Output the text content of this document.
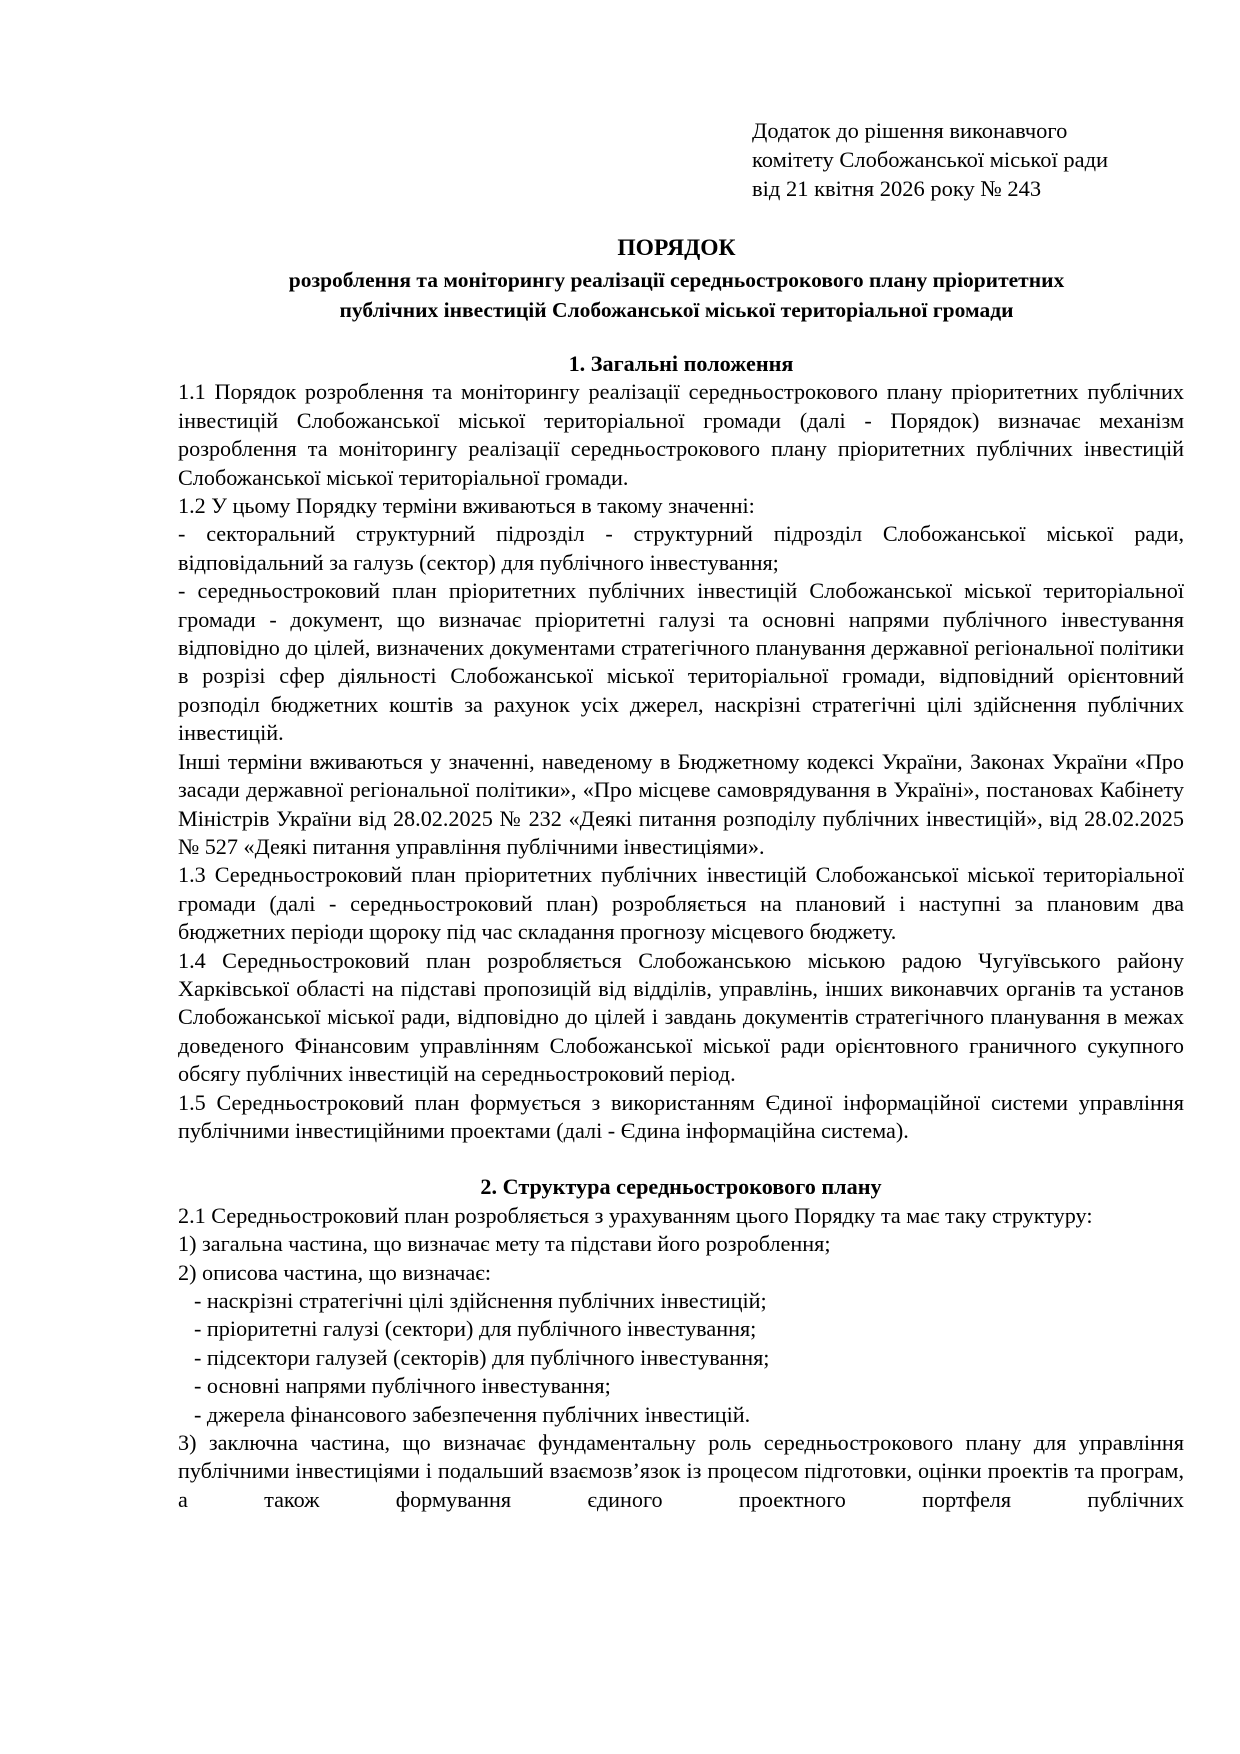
Додаток до рішення виконавчого
комітету Слобожанської міської ради
від 21 квітня 2026 року № 243
ПОРЯДОК
розроблення та моніторингу реалізації середньострокового плану пріоритетних
публічних інвестицій Слобожанської міської територіальної громади
1. Загальні положення

1.1 Порядок розроблення та моніторингу реалізації середньострокового плану пріоритетних публічних інвестицій Слобожанської міської територіальної громади (далі - Порядок) визначає механізм розроблення та моніторингу реалізації середньострокового плану пріоритетних публічних інвестицій Слобожанської міської територіальної громади.

1.2 У цьому Порядку терміни вживаються в такому значенні:

- секторальний структурний підрозділ - структурний підрозділ Слобожанської міської ради, відповідальний за галузь (сектор) для публічного інвестування;

- середньостроковий план пріоритетних публічних інвестицій Слобожанської міської територіальної громади - документ, що визначає пріоритетні галузі та основні напрями публічного інвестування відповідно до цілей, визначених документами стратегічного планування державної регіональної політики в розрізі сфер діяльності Слобожанської міської територіальної громади, відповідний орієнтовний розподіл бюджетних коштів за рахунок усіх джерел, наскрізні стратегічні цілі здійснення публічних інвестицій.

Інші терміни вживаються у значенні, наведеному в Бюджетному кодексі України, Законах України «Про засади державної регіональної політики», «Про місцеве самоврядування в Україні», постановах Кабінету Міністрів України від 28.02.2025 № 232 «Деякі питання розподілу публічних інвестицій», від 28.02.2025 № 527 «Деякі питання управління публічними інвестиціями».

1.3 Середньостроковий план пріоритетних публічних інвестицій Слобожанської міської територіальної громади (далі - середньостроковий план) розробляється на плановий і наступні за плановим два бюджетних періоди щороку під час складання прогнозу місцевого бюджету.

1.4 Середньостроковий план розробляється Слобожанською міською радою Чугуївського району Харківської області на підставі пропозицій від відділів, управлінь, інших виконавчих органів та установ Слобожанської міської ради, відповідно до цілей і завдань документів стратегічного планування в межах доведеного Фінансовим управлінням Слобожанської міської ради орієнтовного граничного сукупного обсягу публічних інвестицій на середньостроковий період.

1.5 Середньостроковий план формується з використанням Єдиної інформаційної системи управління публічними інвестиційними проектами (далі - Єдина інформаційна система).

2. Структура середньострокового плану

2.1 Середньостроковий план розробляється з урахуванням цього Порядку та має таку структуру:

1) загальна частина, що визначає мету та підстави його розроблення;

2) описова частина, що визначає:

- наскрізні стратегічні цілі здійснення публічних інвестицій;

- пріоритетні галузі (сектори) для публічного інвестування;

- підсектори галузей (секторів) для публічного інвестування;

- основні напрями публічного інвестування;

- джерела фінансового забезпечення публічних інвестицій.

3) заключна частина, що визначає фундаментальну роль середньострокового плану для управління публічними інвестиціями і подальший взаємозв’язок із процесом підготовки, оцінки проектів та програм, а також формування єдиного проектного портфеля публічних
